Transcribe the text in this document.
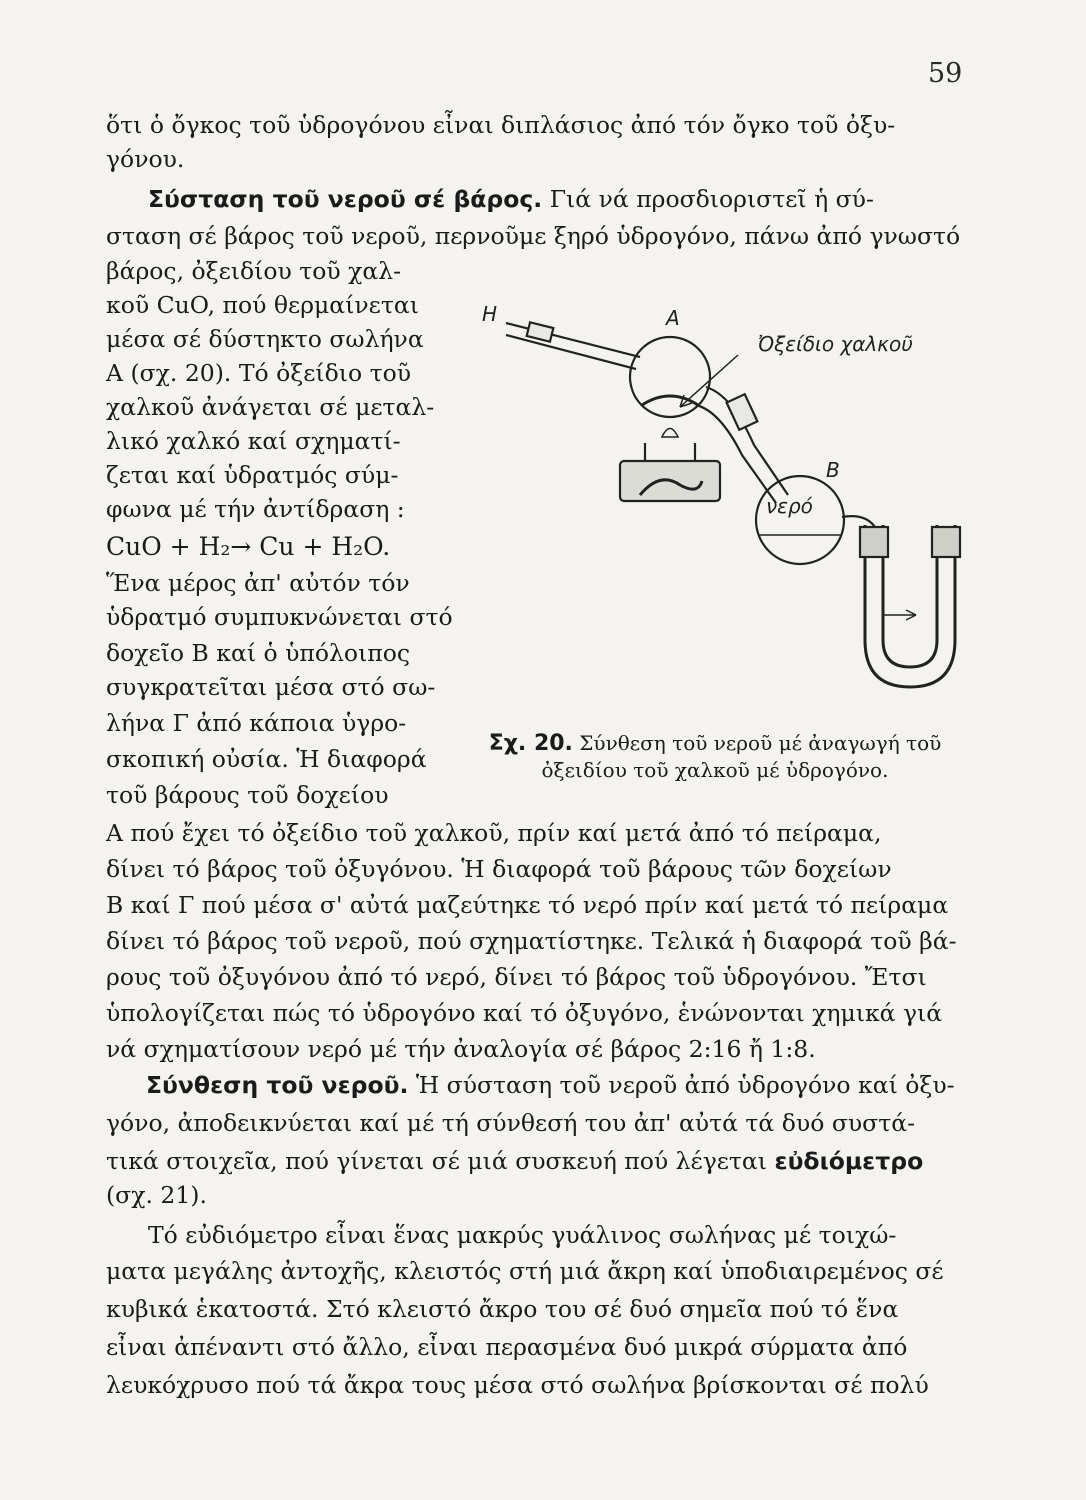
59
ὅτι ὁ ὄγκος τοῦ ὑδρογόνου εἶναι διπλάσιος ἀπό τόν ὄγκο τοῦ ὀξυ-
γόνου.
Σύσταση τοῦ νεροῦ σέ βάρος. Γιά νά προσδιοριστεῖ ἡ σύ-
σταση σέ βάρος τοῦ νεροῦ, περνοῦμε ξηρό ὑδρογόνο, πάνω ἀπό γνωστό
βάρος, ὀξειδίου τοῦ χαλ-
κοῦ CuO, πού θερμαίνεται
μέσα σέ δύστηκτο σωλήνα
Α (σχ. 20). Τό ὀξείδιο τοῦ
χαλκοῦ ἀνάγεται σέ μεταλ-
λικό χαλκό καί σχηματί-
ζεται καί ὑδρατμός σύμ-
φωνα μέ τήν ἀντίδραση :
CuO + H₂→ Cu + H₂O.
Ἕνα μέρος ἀπ' αὐτόν τόν
ὑδρατμό συμπυκνώνεται στό
δοχεῖο Β καί ὁ ὑπόλοιπος
συγκρατεῖται μέσα στό σω-
λήνα Γ ἀπό κάποια ὑγρο-
σκοπική οὐσία. Ἡ διαφορά
τοῦ βάρους τοῦ δοχείου
H	A
Ὀξείδιο χαλκοῦ
B
νερό
Σχ. 20. Σύνθεση τοῦ νεροῦ μέ ἀναγωγή τοῦ
ὀξειδίου τοῦ χαλκοῦ μέ ὑδρογόνο.
Α πού ἔχει τό ὀξείδιο τοῦ χαλκοῦ, πρίν καί μετά ἀπό τό πείραμα,
δίνει τό βάρος τοῦ ὀξυγόνου. Ἡ διαφορά τοῦ βάρους τῶν δοχείων
Β καί Γ πού μέσα σ' αὐτά μαζεύτηκε τό νερό πρίν καί μετά τό πείραμα
δίνει τό βάρος τοῦ νεροῦ, πού σχηματίστηκε. Τελικά ἡ διαφορά τοῦ βά-
ρους τοῦ ὀξυγόνου ἀπό τό νερό, δίνει τό βάρος τοῦ ὑδρογόνου. Ἔτσι
ὑπολογίζεται πώς τό ὑδρογόνο καί τό ὀξυγόνο, ἑνώνονται χημικά γιά
νά σχηματίσουν νερό μέ τήν ἀναλογία σέ βάρος 2:16 ἤ 1:8.
Σύνθεση τοῦ νεροῦ. Ἡ σύσταση τοῦ νεροῦ ἀπό ὑδρογόνο καί ὀξυ-
γόνο, ἀποδεικνύεται καί μέ τή σύνθεσή του ἀπ' αὐτά τά δυό συστά-
τικά στοιχεῖα, πού γίνεται σέ μιά συσκευή πού λέγεται εὐδιόμετρο
(σχ. 21).
Τό εὐδιόμετρο εἶναι ἕνας μακρύς γυάλινος σωλήνας μέ τοιχώ-
ματα μεγάλης ἀντοχῆς, κλειστός στή μιά ἄκρη καί ὑποδιαιρεμένος σέ
κυβικά ἑκατοστά. Στό κλειστό ἄκρο του σέ δυό σημεῖα πού τό ἕνα
εἶναι ἀπέναντι στό ἄλλο, εἶναι περασμένα δυό μικρά σύρματα ἀπό
λευκόχρυσο πού τά ἄκρα τους μέσα στό σωλήνα βρίσκονται σέ πολύ
